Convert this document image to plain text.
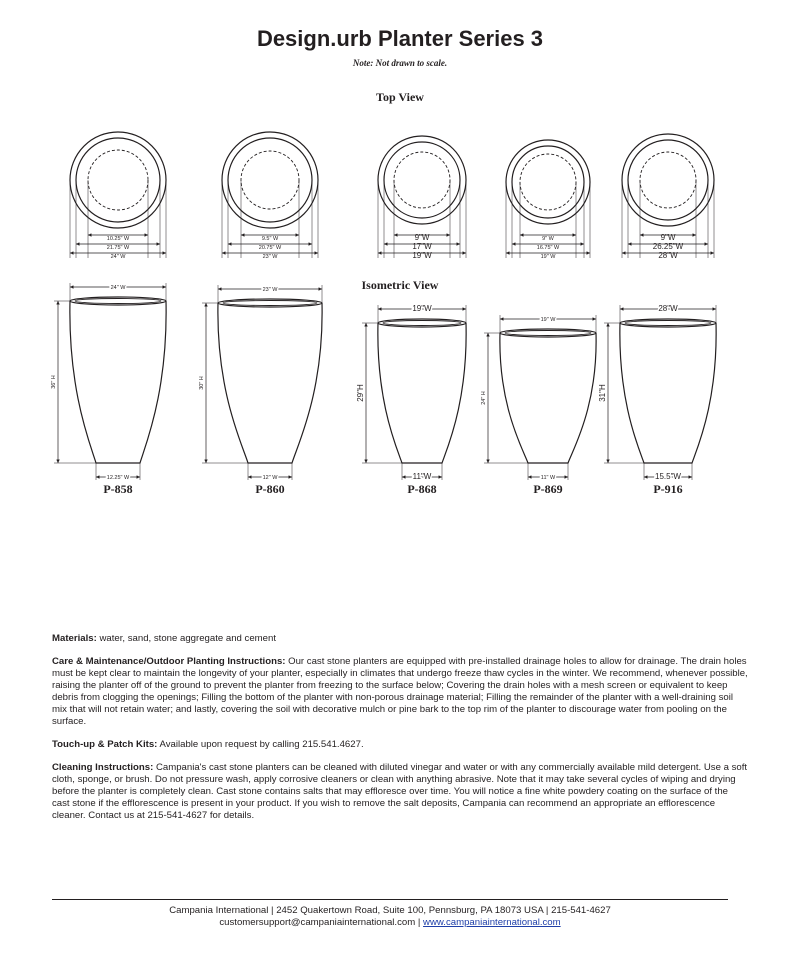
Design.urb Planter Series 3
Note: Not drawn to scale.
Top View
Isometric View
10.25" W
21.75" W
24" W
9.5" W
20.75" W
23" W
9"W
17"W
19"W
9" W
16.75" W
19" W
9"W
26.25"W
28"W
24" W
36" H
12.25" W
P-858
23" W
30" H
12" W
P-860
19"W
29"H
11"W
P-868
19" W
24" H
11" W
P-869
28"W
31"H
15.5"W
P-916

Materials: water, sand, stone aggregate and cement

Care & Maintenance/Outdoor Planting Instructions: Our cast stone planters are equipped with pre-installed drainage holes to allow for drainage. The drain holes must be kept clear to maintain the longevity of your planter, especially in climates that undergo freeze thaw cycles in the winter. We recommend, whenever possible, raising the planter off of the ground to prevent the planter from freezing to the surface below; Covering the drain holes with a mesh screen or equivalent to keep debris from clogging the openings; Filling the bottom of the planter with non-porous drainage material; Filling the remainder of the planter with a well-draining soil mix that will not retain water; and lastly, covering the soil with decorative mulch or pine bark to the top rim of the planter to discourage water from pooling on the surface.

Touch-up & Patch Kits: Available upon request by calling 215.541.4627.

Cleaning Instructions: Campania's cast stone planters can be cleaned with diluted vinegar and water or with any commercially available mild detergent. Use a soft cloth, sponge, or brush. Do not pressure wash, apply corrosive cleaners or clean with anything abrasive. Note that it may take several cycles of wiping and drying before the planter is completely clean. Cast stone contains salts that may effloresce over time. You will notice a fine white powdery coating on the surface of the cast stone if the efflorescence is present in your product. If you wish to remove the salt deposits, Campania can recommend an appropriate an efflorescence cleaner. Contact us at 215-541-4627 for details.

Campania International | 2452 Quakertown Road, Suite 100, Pennsburg, PA 18073 USA | 215-541-4627
customersupport@campaniainternational.com | www.campaniainternational.com
